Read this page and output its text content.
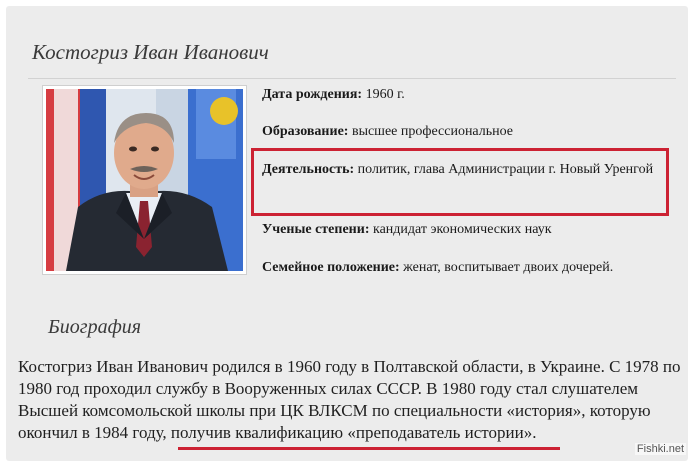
Костогриз Иван Иванович
Дата рождения: 1960 г.
Образование: высшее профессиональное
Деятельность: политик, глава Администрации г. Новый Уренгой
Ученые степени: кандидат экономических наук
Семейное положение: женат, воспитывает двоих дочерей.
Биография
Костогриз Иван Иванович родился в 1960 году в Полтавской области, в Украине. С 1978 по 1980 год проходил службу в Вооруженных силах СССР. В 1980 году стал слушателем Высшей комсомольской школы при ЦК ВЛКСМ по специальности «история», которую окончил в 1984 году, получив квалификацию «преподаватель истории».
Fishki.net
